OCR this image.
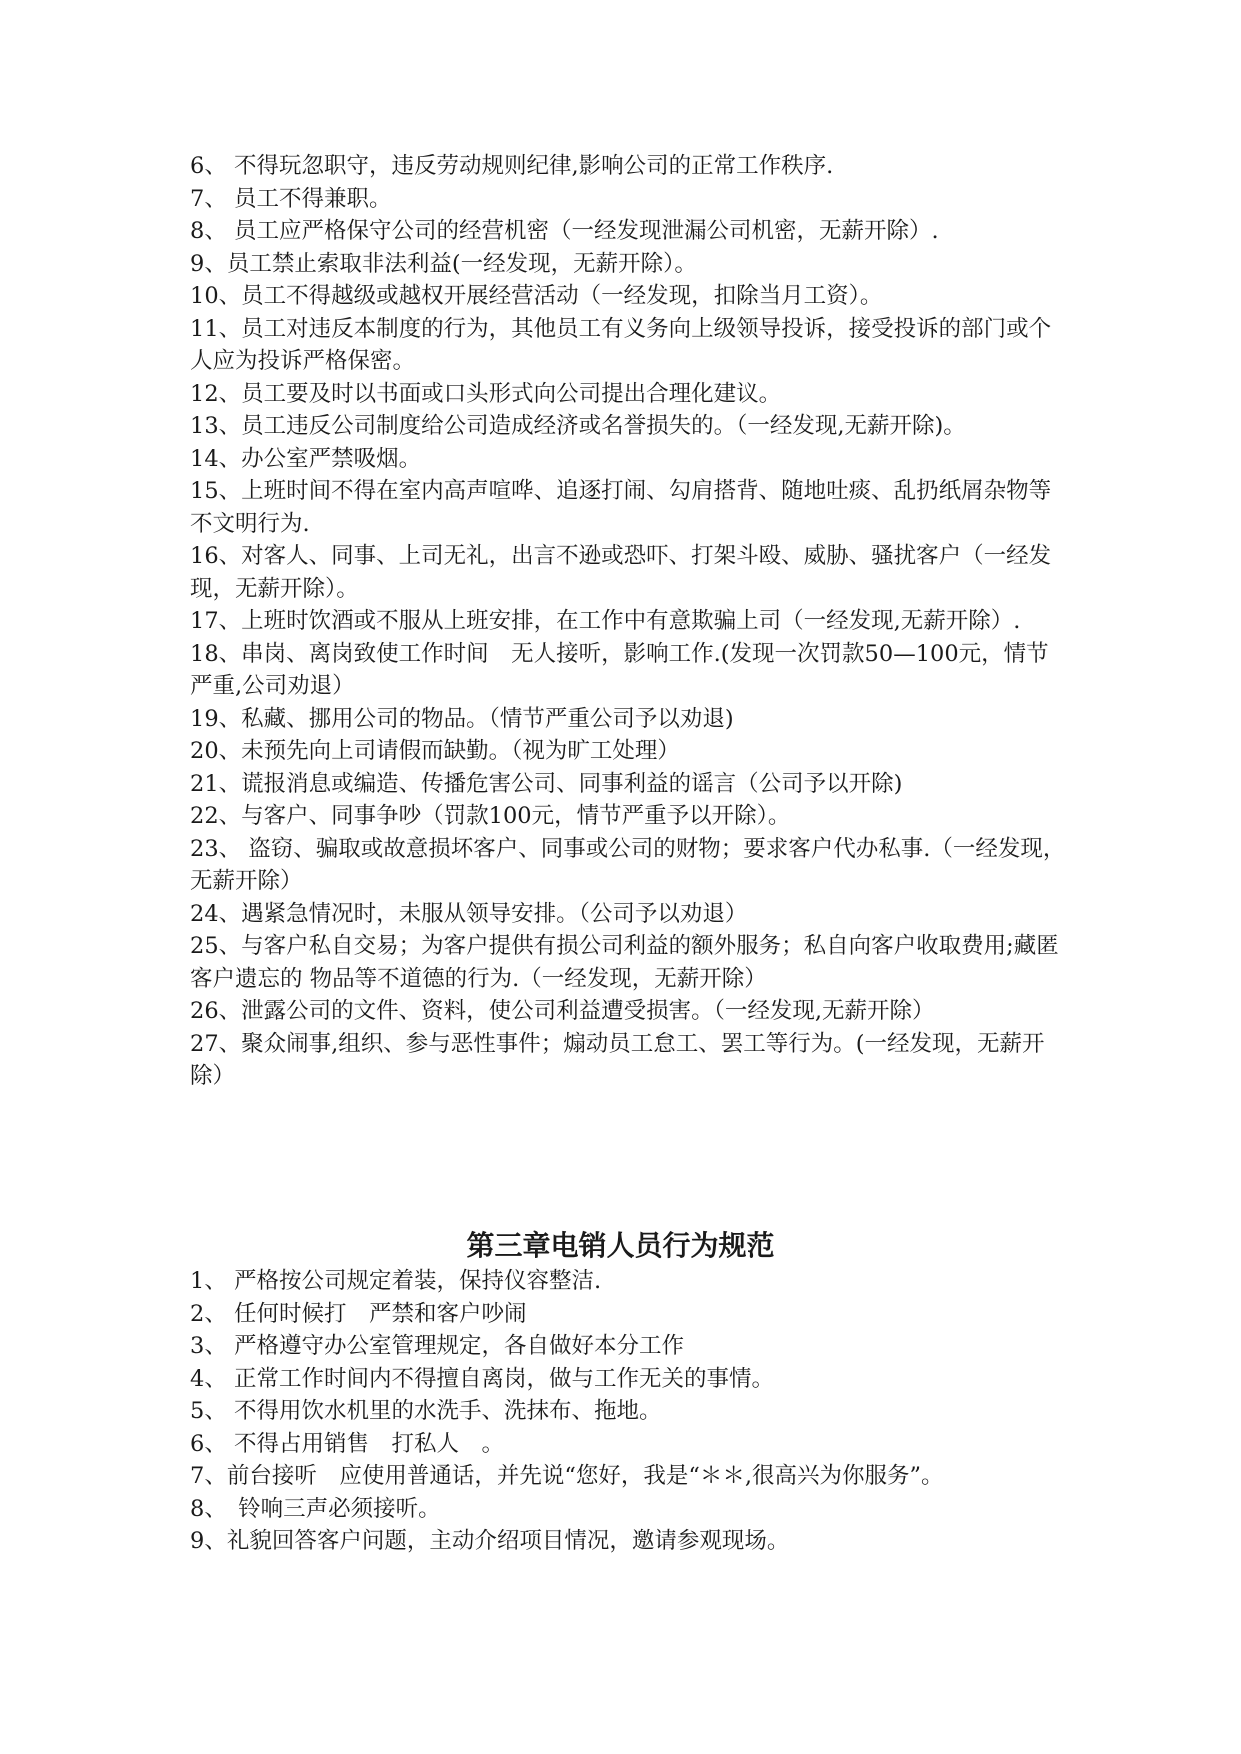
6、 不得玩忽职守，违反劳动规则纪律,影响公司的正常工作秩序.
7、 员工不得兼职。
8、 员工应严格保守公司的经营机密（一经发现泄漏公司机密，无薪开除）.
9、员工禁止索取非法利益(一经发现，无薪开除）。
10、员工不得越级或越权开展经营活动（一经发现，扣除当月工资）。
11、员工对违反本制度的行为，其他员工有义务向上级领导投诉，接受投诉的部门或个人应为投诉严格保密。
12、员工要及时以书面或口头形式向公司提出合理化建议。
13、员工违反公司制度给公司造成经济或名誉损失的。（一经发现,无薪开除)。
14、办公室严禁吸烟。
15、上班时间不得在室内高声喧哗、追逐打闹、勾肩搭背、随地吐痰、乱扔纸屑杂物等不文明行为.
16、对客人、同事、上司无礼，出言不逊或恐吓、打架斗殴、威胁、骚扰客户（一经发现，无薪开除）。
17、上班时饮酒或不服从上班安排，在工作中有意欺骗上司（一经发现,无薪开除）.
18、串岗、离岗致使工作时间　无人接听，影响工作.(发现一次罚款50—100元，情节严重,公司劝退）
19、私藏、挪用公司的物品。（情节严重公司予以劝退)
20、未预先向上司请假而缺勤。（视为旷工处理）
21、谎报消息或编造、传播危害公司、同事利益的谣言（公司予以开除)
22、与客户、同事争吵（罚款100元，情节严重予以开除）。
23、 盗窃、骗取或故意损坏客户、同事或公司的财物；要求客户代办私事.（一经发现，无薪开除）
24、遇紧急情况时，未服从领导安排。（公司予以劝退）
25、与客户私自交易；为客户提供有损公司利益的额外服务；私自向客户收取费用;藏匿客户遗忘的 物品等不道德的行为.（一经发现，无薪开除）
26、泄露公司的文件、资料，使公司利益遭受损害。（一经发现,无薪开除）
27、聚众闹事,组织、参与恶性事件；煽动员工怠工、罢工等行为。(一经发现，无薪开除）
第三章电销人员行为规范
1、 严格按公司规定着装，保持仪容整洁.
2、 任何时候打　严禁和客户吵闹
3、 严格遵守办公室管理规定，各自做好本分工作
4、 正常工作时间内不得擅自离岗，做与工作无关的事情。
5、 不得用饮水机里的水洗手、洗抹布、拖地。
6、 不得占用销售　打私人　。
7、前台接听　应使用普通话，并先说“您好，我是“＊＊,很高兴为你服务”。
8、　铃响三声必须接听。
9、礼貌回答客户问题，主动介绍项目情况，邀请参观现场。
